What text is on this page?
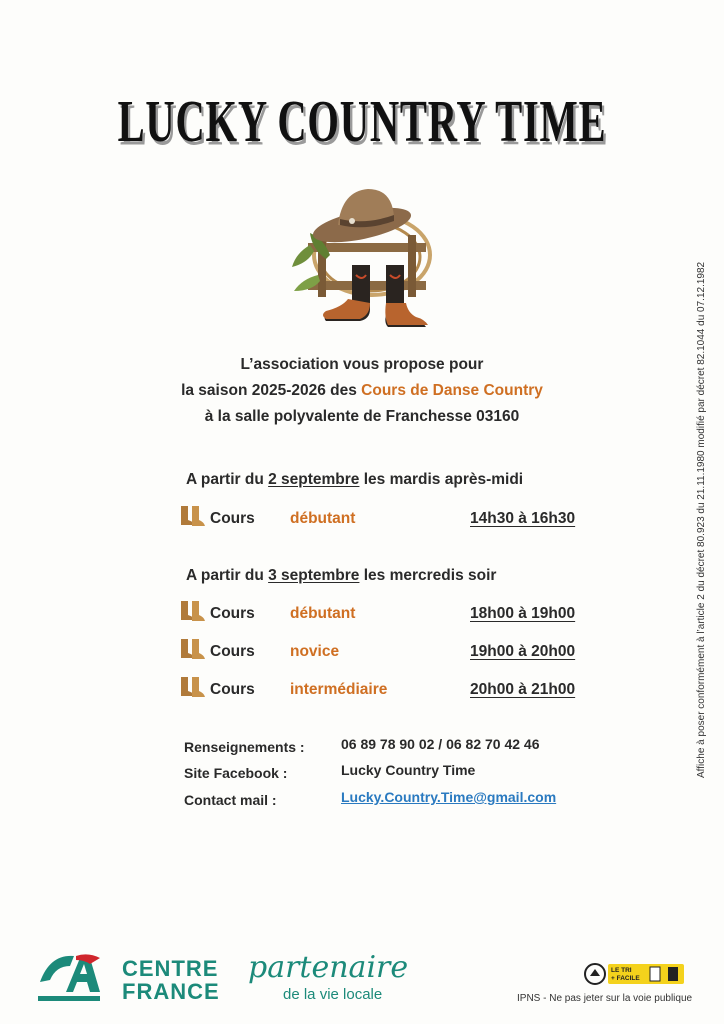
LUCKY COUNTRY TIME
L’association vous propose pour
la saison 2025-2026 des Cours de Danse Country
à la salle polyvalente de Franchesse 03160
A partir du 2 septembre les mardis après-midi
Cours débutant	14h30 à 16h30
A partir du 3 septembre les mercredis soir
Cours débutant	18h00 à 19h00
Cours novice	19h00 à 20h00
Cours intermédiaire	20h00 à 21h00
Renseignements :	06 89 78 90 02 / 06 82 70 42 46
Site Facebook :	Lucky Country Time
Contact mail :	Lucky.Country.Time@gmail.com
Affiche à poser conformément à l’article 2 du décret 80.923 du 21.11.1980 modifié par décret 82.1044 du 07.12.1982
CENTRE
FRANCE
partenaire
de la vie locale
LE TRI
+ FACILE
IPNS - Ne pas jeter sur la voie publique
